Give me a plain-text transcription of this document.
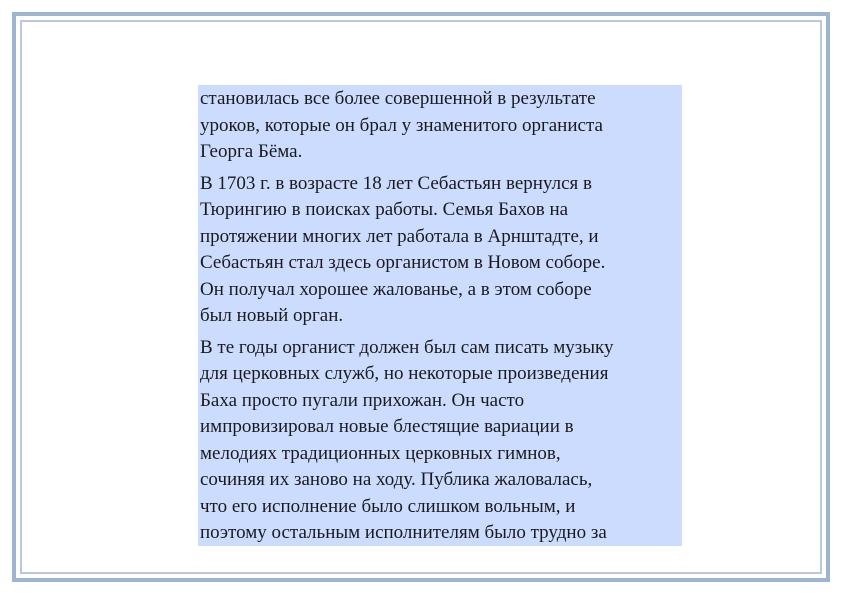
становилась все более совершенной в результате
уроков, которые он брал у знаменитого органиста
Георга Бёма.

В 1703 г. в возрасте 18 лет Себастьян вернулся в
Тюрингию в поисках работы. Семья Бахов на
протяжении многих лет работала в Арнштадте, и
Себастьян стал здесь органистом в Новом соборе.
Он получал хорошее жалованье, а в этом соборе
был новый орган.

В те годы органист должен был сам писать музыку
для церковных служб, но некоторые произведения
Баха просто пугали прихожан. Он часто
импровизировал новые блестящие вариации в
мелодиях традиционных церковных гимнов,
сочиняя их заново на ходу. Публика жаловалась,
что его исполнение было слишком вольным, и
поэтому остальным исполнителям было трудно за
